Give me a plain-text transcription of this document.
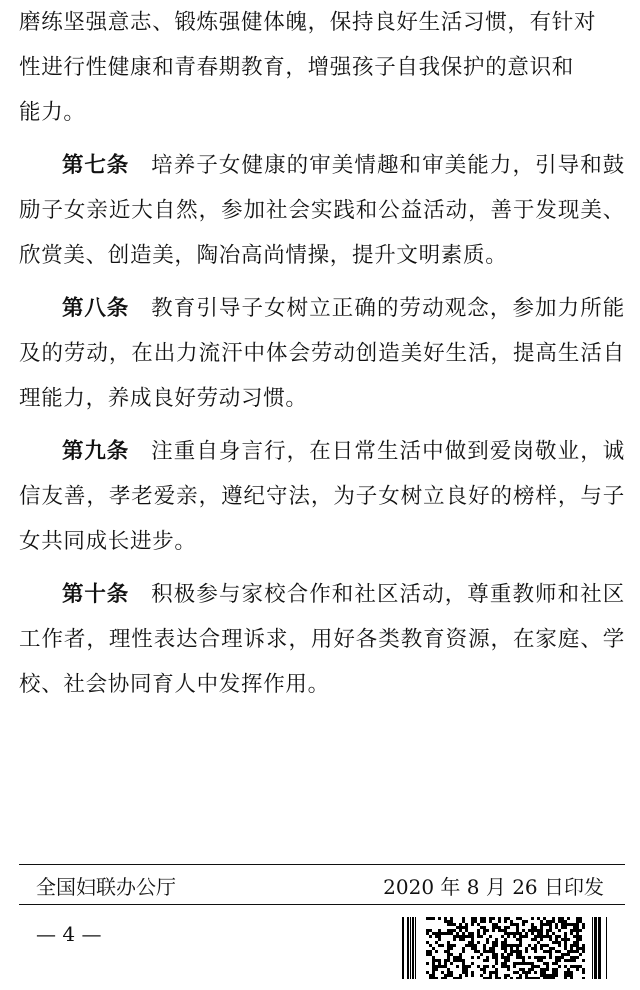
磨练坚强意志、锻炼强健体魄，保持良好生活习惯，有针对
性进行性健康和青春期教育，增强孩子自我保护的意识和
能力。

第七条 培养子女健康的审美情趣和审美能力，引导和鼓励子女亲近大自然，参加社会实践和公益活动，善于发现美、欣赏美、创造美，陶冶高尚情操，提升文明素质。

第八条 教育引导子女树立正确的劳动观念，参加力所能及的劳动，在出力流汗中体会劳动创造美好生活，提高生活自理能力，养成良好劳动习惯。

第九条 注重自身言行，在日常生活中做到爱岗敬业，诚信友善，孝老爱亲，遵纪守法，为子女树立良好的榜样，与子女共同成长进步。

第十条 积极参与家校合作和社区活动，尊重教师和社区工作者，理性表达合理诉求，用好各类教育资源，在家庭、学校、社会协同育人中发挥作用。

全国妇联办公厅	2020 年 8 月 26 日印发
— 4 —
